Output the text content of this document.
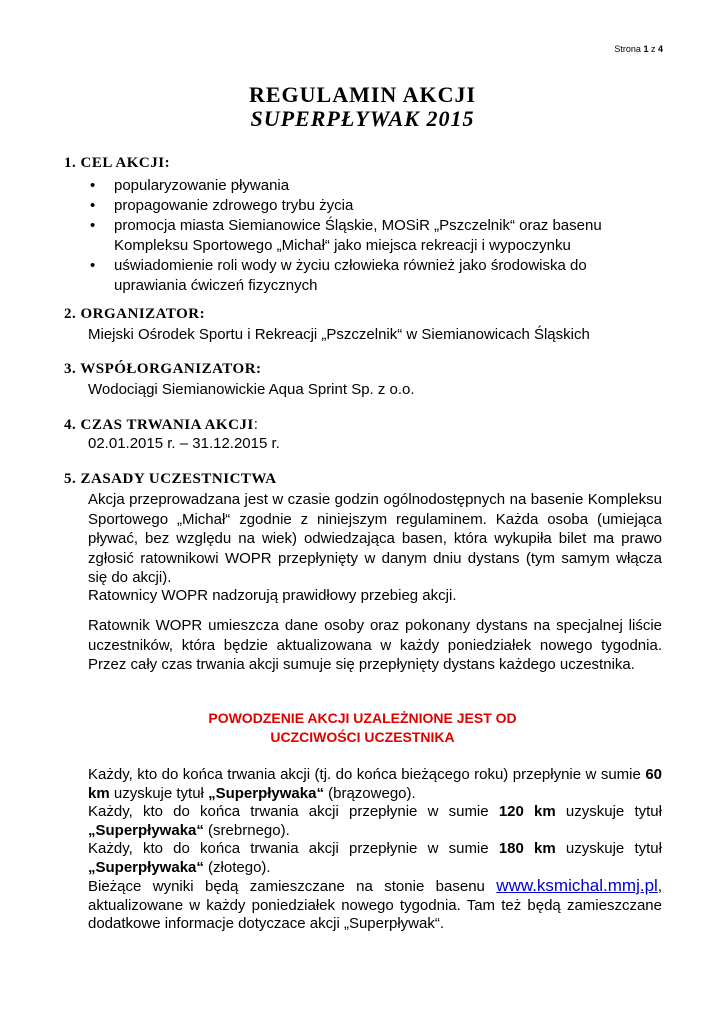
Strona 1 z 4
REGULAMIN AKCJI
SUPERPŁYWAK 2015
1. CEL AKCJI:
• popularyzowanie pływania
• propagowanie zdrowego trybu życia
• promocja miasta Siemianowice Śląskie, MOSiR „Pszczelnik“ oraz basenu Kompleksu Sportowego „Michał“ jako miejsca rekreacji i wypoczynku
• uświadomienie roli wody w życiu człowieka również jako środowiska do uprawiania ćwiczeń fizycznych
2. ORGANIZATOR:
Miejski Ośrodek Sportu i Rekreacji „Pszczelnik“ w Siemianowicach Śląskich
3. WSPÓŁORGANIZATOR:
Wodociągi Siemianowickie Aqua Sprint Sp. z o.o.
4. CZAS TRWANIA AKCJI:
02.01.2015 r. – 31.12.2015 r.
5. ZASADY UCZESTNICTWA
Akcja przeprowadzana jest w czasie godzin ogólnodostępnych na basenie Kompleksu Sportowego „Michał“ zgodnie z niniejszym regulaminem. Każda osoba (umiejąca pływać, bez względu na wiek) odwiedzająca basen, która wykupiła bilet ma prawo zgłosić ratownikowi WOPR przepłynięty w danym dniu dystans (tym samym włącza się do akcji).
Ratownicy WOPR nadzorują prawidłowy przebieg akcji.
Ratownik WOPR umieszcza dane osoby oraz pokonany dystans na specjalnej liście uczestników, która będzie aktualizowana w każdy poniedziałek nowego tygodnia. Przez cały czas trwania akcji sumuje się przepłynięty dystans każdego uczestnika.
POWODZENIE AKCJI UZALEŻNIONE JEST OD
UCZCIWOŚCI UCZESTNIKA
Każdy, kto do końca trwania akcji (tj. do końca bieżącego roku) przepłynie w sumie 60 km uzyskuje tytuł „Superpływaka“ (brązowego).
Każdy, kto do końca trwania akcji przepłynie w sumie 120 km uzyskuje tytuł „Superpływaka“ (srebrnego).
Każdy, kto do końca trwania akcji przepłynie w sumie 180 km uzyskuje tytuł „Superpływaka“ (złotego).
Bieżące wyniki będą zamieszczane na stonie basenu www.ksmichal.mmj.pl, aktualizowane w każdy poniedziałek nowego tygodnia. Tam też będą zamieszczane dodatkowe informacje dotyczace akcji „Superpływak“.
